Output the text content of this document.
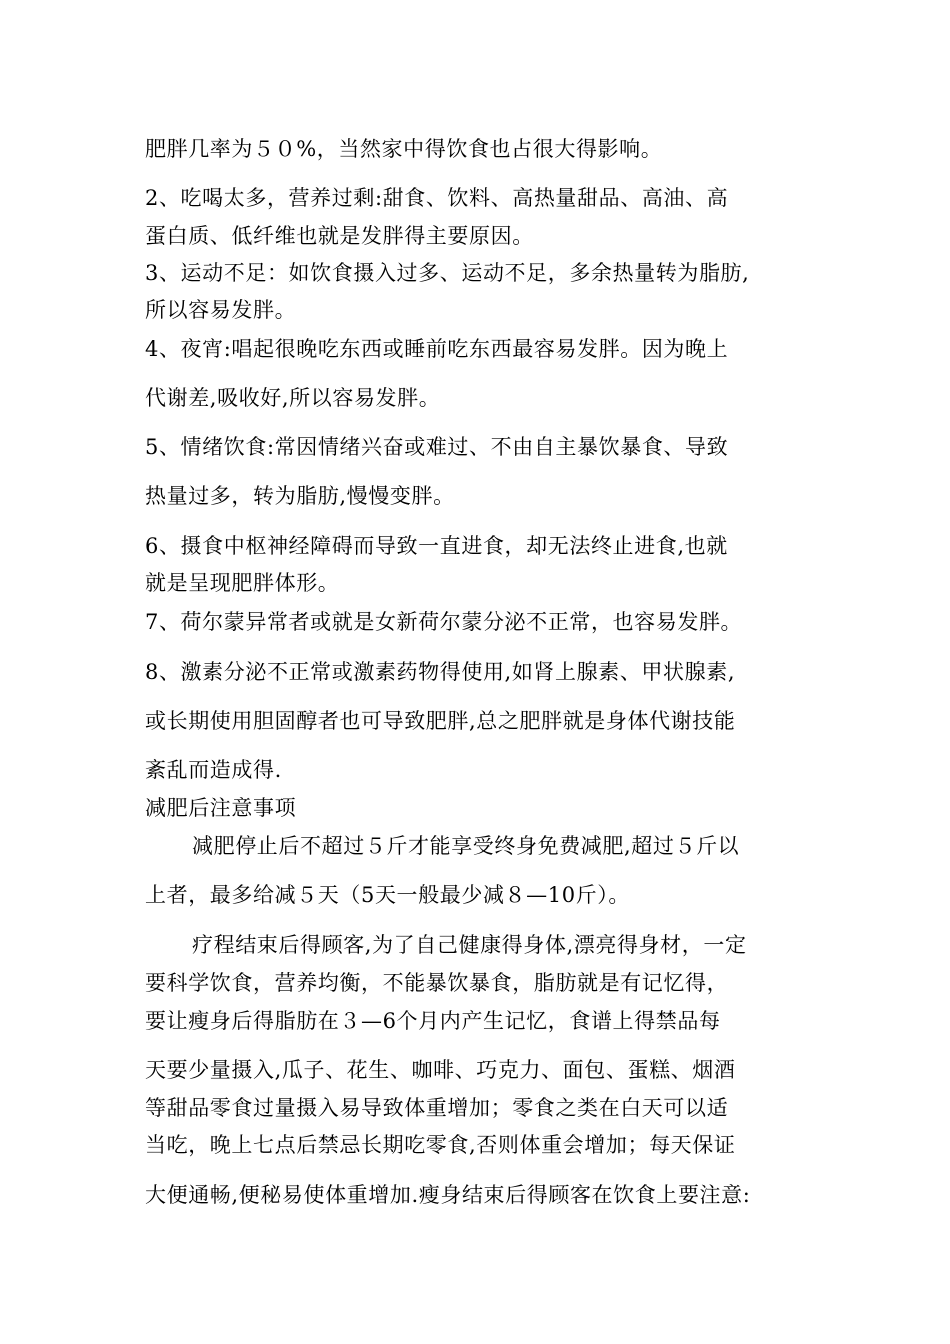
肥胖几率为５０%，当然家中得饮食也占很大得影响。
2、吃喝太多，营养过剩:甜食、饮料、高热量甜品、高油、高
蛋白质、低纤维也就是发胖得主要原因。
3、运动不足：如饮食摄入过多、运动不足，多余热量转为脂肪,
所以容易发胖。
4、夜宵:唱起很晚吃东西或睡前吃东西最容易发胖。因为晚上
代谢差,吸收好,所以容易发胖。
5、情绪饮食:常因情绪兴奋或难过、不由自主暴饮暴食、导致
热量过多，转为脂肪,慢慢变胖。
6、摄食中枢神经障碍而导致一直进食，却无法终止进食,也就
就是呈现肥胖体形。
7、荷尔蒙异常者或就是女新荷尔蒙分泌不正常，也容易发胖。
8、激素分泌不正常或激素药物得使用,如肾上腺素、甲状腺素,
或长期使用胆固醇者也可导致肥胖,总之肥胖就是身体代谢技能
紊乱而造成得.
减肥后注意事项
减肥停止后不超过５斤才能享受终身免费减肥,超过５斤以
上者，最多给减５天（5天一般最少减８—10斤）。
疗程结束后得顾客,为了自己健康得身体,漂亮得身材，一定
要科学饮食，营养均衡，不能暴饮暴食，脂肪就是有记忆得，
要让瘦身后得脂肪在３—6个月内产生记忆，食谱上得禁品每
天要少量摄入,瓜子、花生、咖啡、巧克力、面包、蛋糕、烟酒
等甜品零食过量摄入易导致体重增加；零食之类在白天可以适
当吃，晚上七点后禁忌长期吃零食,否则体重会增加；每天保证
大便通畅,便秘易使体重增加.瘦身结束后得顾客在饮食上要注意:
